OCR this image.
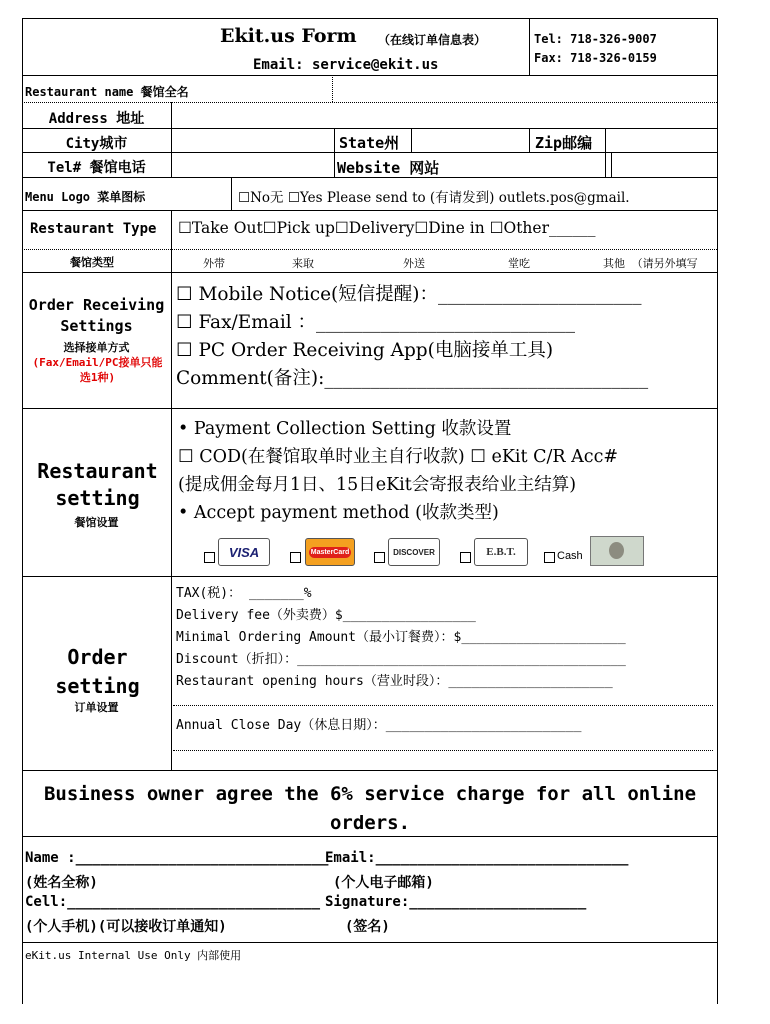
Ekit.us Form （在线订单信息表）
Email: service@ekit.us
Tel: 718-326-9007
Fax: 718-326-0159
Restaurant name 餐馆全名
Address 地址
City城市	State州	Zip邮编
Tel# 餐馆电话	Website 网站
Menu Logo 菜单图标	☐No无 ☐Yes Please send to (有请发到) outlets.pos@gmail.
Restaurant Type
餐馆类型
☐Take Out☐Pick up☐Delivery☐Dine in ☐Other______
外带	来取	外送	堂吃	其他 （请另外填写
Order Receiving Settings
选择接单方式
(Fax/Email/PC接单只能选1种)
☐ Mobile Notice(短信提醒)：______________________
☐ Fax/Email ：____________________________
☐ PC Order Receiving App(电脑接单工具)
Comment(备注):___________________________________
Restaurant setting
餐馆设置
• Payment Collection Setting 收款设置
☐ COD(在餐馆取单时业主自行收款) ☐ eKit C/R Acc#
(提成佣金每月1日、15日eKit会寄报表给业主结算)
• Accept payment method (收款类型)
VISA	MasterCard	DISCOVER	E.B.T.	Cash
Order setting
订单设置
TAX(税)： _______%
Delivery fee（外卖费）$_________________
Minimal Ordering Amount（最小订餐费）：$_____________________
Discount（折扣）：__________________________________________
Restaurant opening hours（营业时段）：_____________________
Annual Close Day（休息日期）：_________________________
Business owner agree the 6% service charge for all online orders.
Name :______________________________
Email:______________________________
(姓名全称)	(个人电子邮箱)
Cell:______________________________ Signature:_____________________
(个人手机)(可以接收订单通知)	(签名)
eKit.us Internal Use Only 内部使用
